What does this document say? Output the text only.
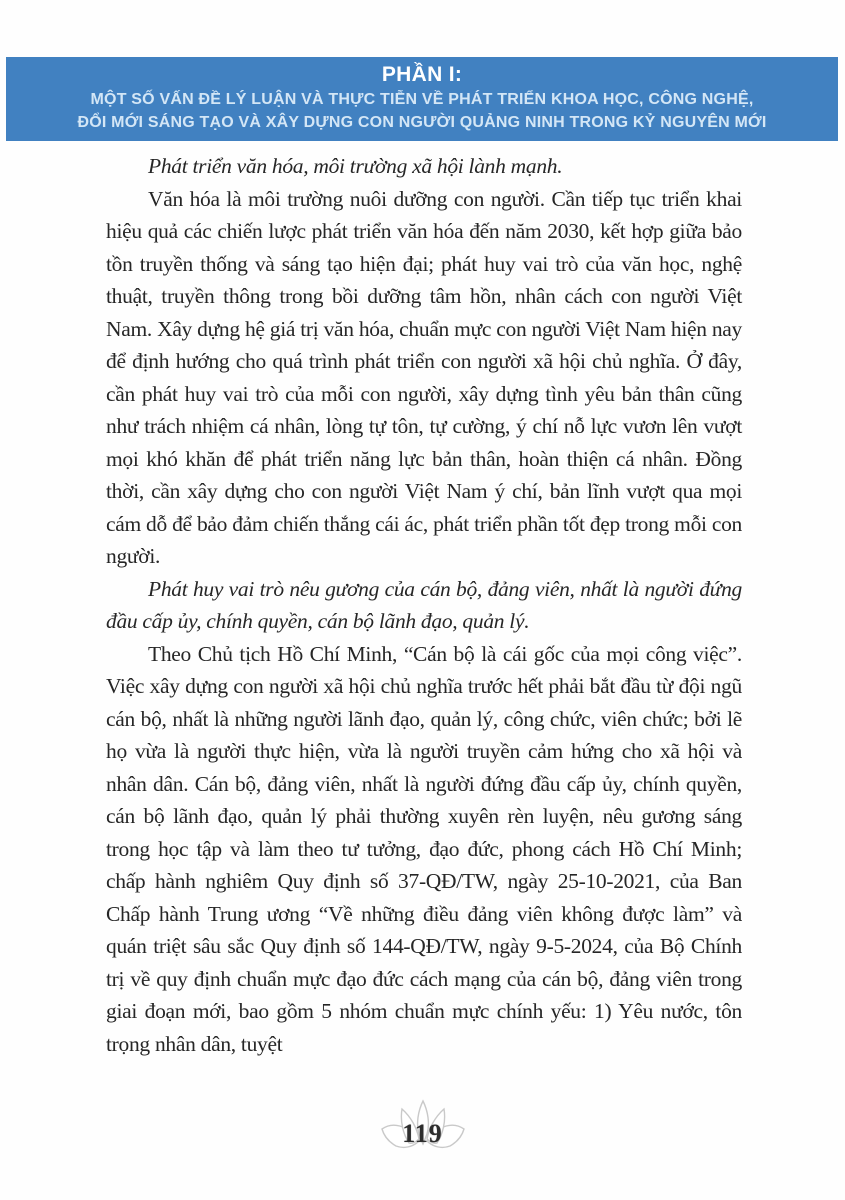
PHẦN I:
MỘT SỐ VẤN ĐỀ LÝ LUẬN VÀ THỰC TIỄN VỀ PHÁT TRIỂN KHOA HỌC, CÔNG NGHỆ,
ĐỔI MỚI SÁNG TẠO VÀ XÂY DỰNG CON NGƯỜI QUẢNG NINH TRONG KỶ NGUYÊN MỚI

Phát triển văn hóa, môi trường xã hội lành mạnh.

Văn hóa là môi trường nuôi dưỡng con người. Cần tiếp tục triển khai hiệu quả các chiến lược phát triển văn hóa đến năm 2030, kết hợp giữa bảo tồn truyền thống và sáng tạo hiện đại; phát huy vai trò của văn học, nghệ thuật, truyền thông trong bồi dưỡng tâm hồn, nhân cách con người Việt Nam. Xây dựng hệ giá trị văn hóa, chuẩn mực con người Việt Nam hiện nay để định hướng cho quá trình phát triển con người xã hội chủ nghĩa. Ở đây, cần phát huy vai trò của mỗi con người, xây dựng tình yêu bản thân cũng như trách nhiệm cá nhân, lòng tự tôn, tự cường, ý chí nỗ lực vươn lên vượt mọi khó khăn để phát triển năng lực bản thân, hoàn thiện cá nhân. Đồng thời, cần xây dựng cho con người Việt Nam ý chí, bản lĩnh vượt qua mọi cám dỗ để bảo đảm chiến thắng cái ác, phát triển phần tốt đẹp trong mỗi con người.

Phát huy vai trò nêu gương của cán bộ, đảng viên, nhất là người đứng đầu cấp ủy, chính quyền, cán bộ lãnh đạo, quản lý.

Theo Chủ tịch Hồ Chí Minh, “Cán bộ là cái gốc của mọi công việc”. Việc xây dựng con người xã hội chủ nghĩa trước hết phải bắt đầu từ đội ngũ cán bộ, nhất là những người lãnh đạo, quản lý, công chức, viên chức; bởi lẽ họ vừa là người thực hiện, vừa là người truyền cảm hứng cho xã hội và nhân dân. Cán bộ, đảng viên, nhất là người đứng đầu cấp ủy, chính quyền, cán bộ lãnh đạo, quản lý phải thường xuyên rèn luyện, nêu gương sáng trong học tập và làm theo tư tưởng, đạo đức, phong cách Hồ Chí Minh; chấp hành nghiêm Quy định số 37-QĐ/TW, ngày 25-10-2021, của Ban Chấp hành Trung ương “Về những điều đảng viên không được làm” và quán triệt sâu sắc Quy định số 144-QĐ/TW, ngày 9-5-2024, của Bộ Chính trị về quy định chuẩn mực đạo đức cách mạng của cán bộ, đảng viên trong giai đoạn mới, bao gồm 5 nhóm chuẩn mực chính yếu: 1) Yêu nước, tôn trọng nhân dân, tuyệt

119
